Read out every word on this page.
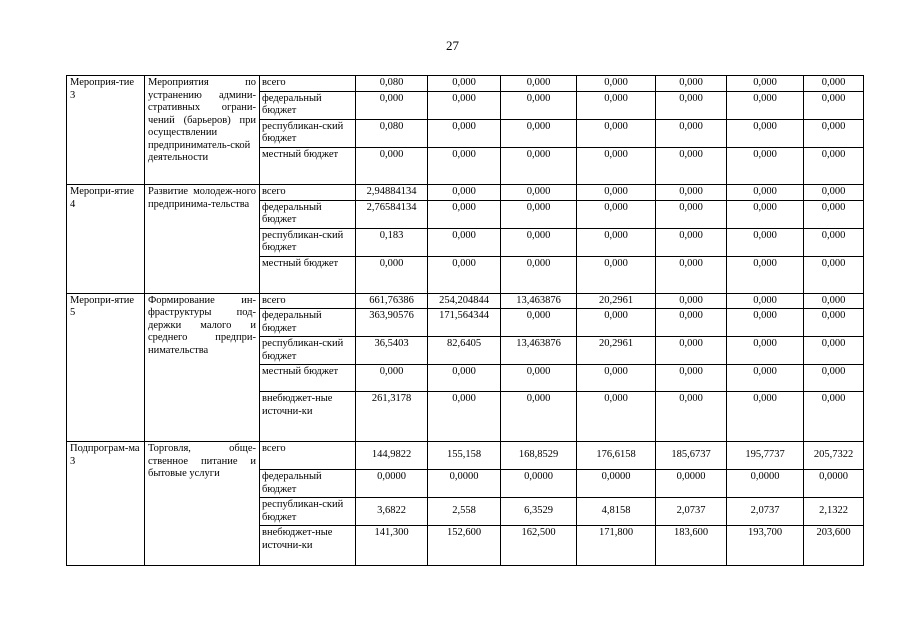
27
Мероприя-тие 3	Мероприятия по устранению админи-стративных ограни-чений (барьеров) при осуществлении предприниматель-ской деятельности	всего	0,080	0,000	0,000	0,000	0,000	0,000	0,000
		федеральный бюджет	0,000	0,000	0,000	0,000	0,000	0,000	0,000
		республикан-ский бюджет	0,080	0,000	0,000	0,000	0,000	0,000	0,000
		местный бюджет	0,000	0,000	0,000	0,000	0,000	0,000	0,000
Меропри-ятие 4	Развитие молодеж-ного предпринима-тельства	всего	2,94884134	0,000	0,000	0,000	0,000	0,000	0,000
		федеральный бюджет	2,76584134	0,000	0,000	0,000	0,000	0,000	0,000
		республикан-ский бюджет	0,183	0,000	0,000	0,000	0,000	0,000	0,000
		местный бюджет	0,000	0,000	0,000	0,000	0,000	0,000	0,000
Меропри-ятие 5	Формирование ин-фраструктуры под-держки малого и среднего предпри-нимательства	всего	661,76386	254,204844	13,463876	20,2961	0,000	0,000	0,000
		федеральный бюджет	363,90576	171,564344	0,000	0,000	0,000	0,000	0,000
		республикан-ский бюджет	36,5403	82,6405	13,463876	20,2961	0,000	0,000	0,000
		местный бюджет	0,000	0,000	0,000	0,000	0,000	0,000	0,000
		внебюджет-ные источни-ки	261,3178	0,000	0,000	0,000	0,000	0,000	0,000
Подпрограм-ма 3	Торговля, обще-ственное питание и бытовые услуги	всего	144,9822	155,158	168,8529	176,6158	185,6737	195,7737	205,7322
		федеральный бюджет	0,0000	0,0000	0,0000	0,0000	0,0000	0,0000	0,0000
		республикан-ский бюджет	3,6822	2,558	6,3529	4,8158	2,0737	2,0737	2,1322
		внебюджет-ные источни-ки	141,300	152,600	162,500	171,800	183,600	193,700	203,600
